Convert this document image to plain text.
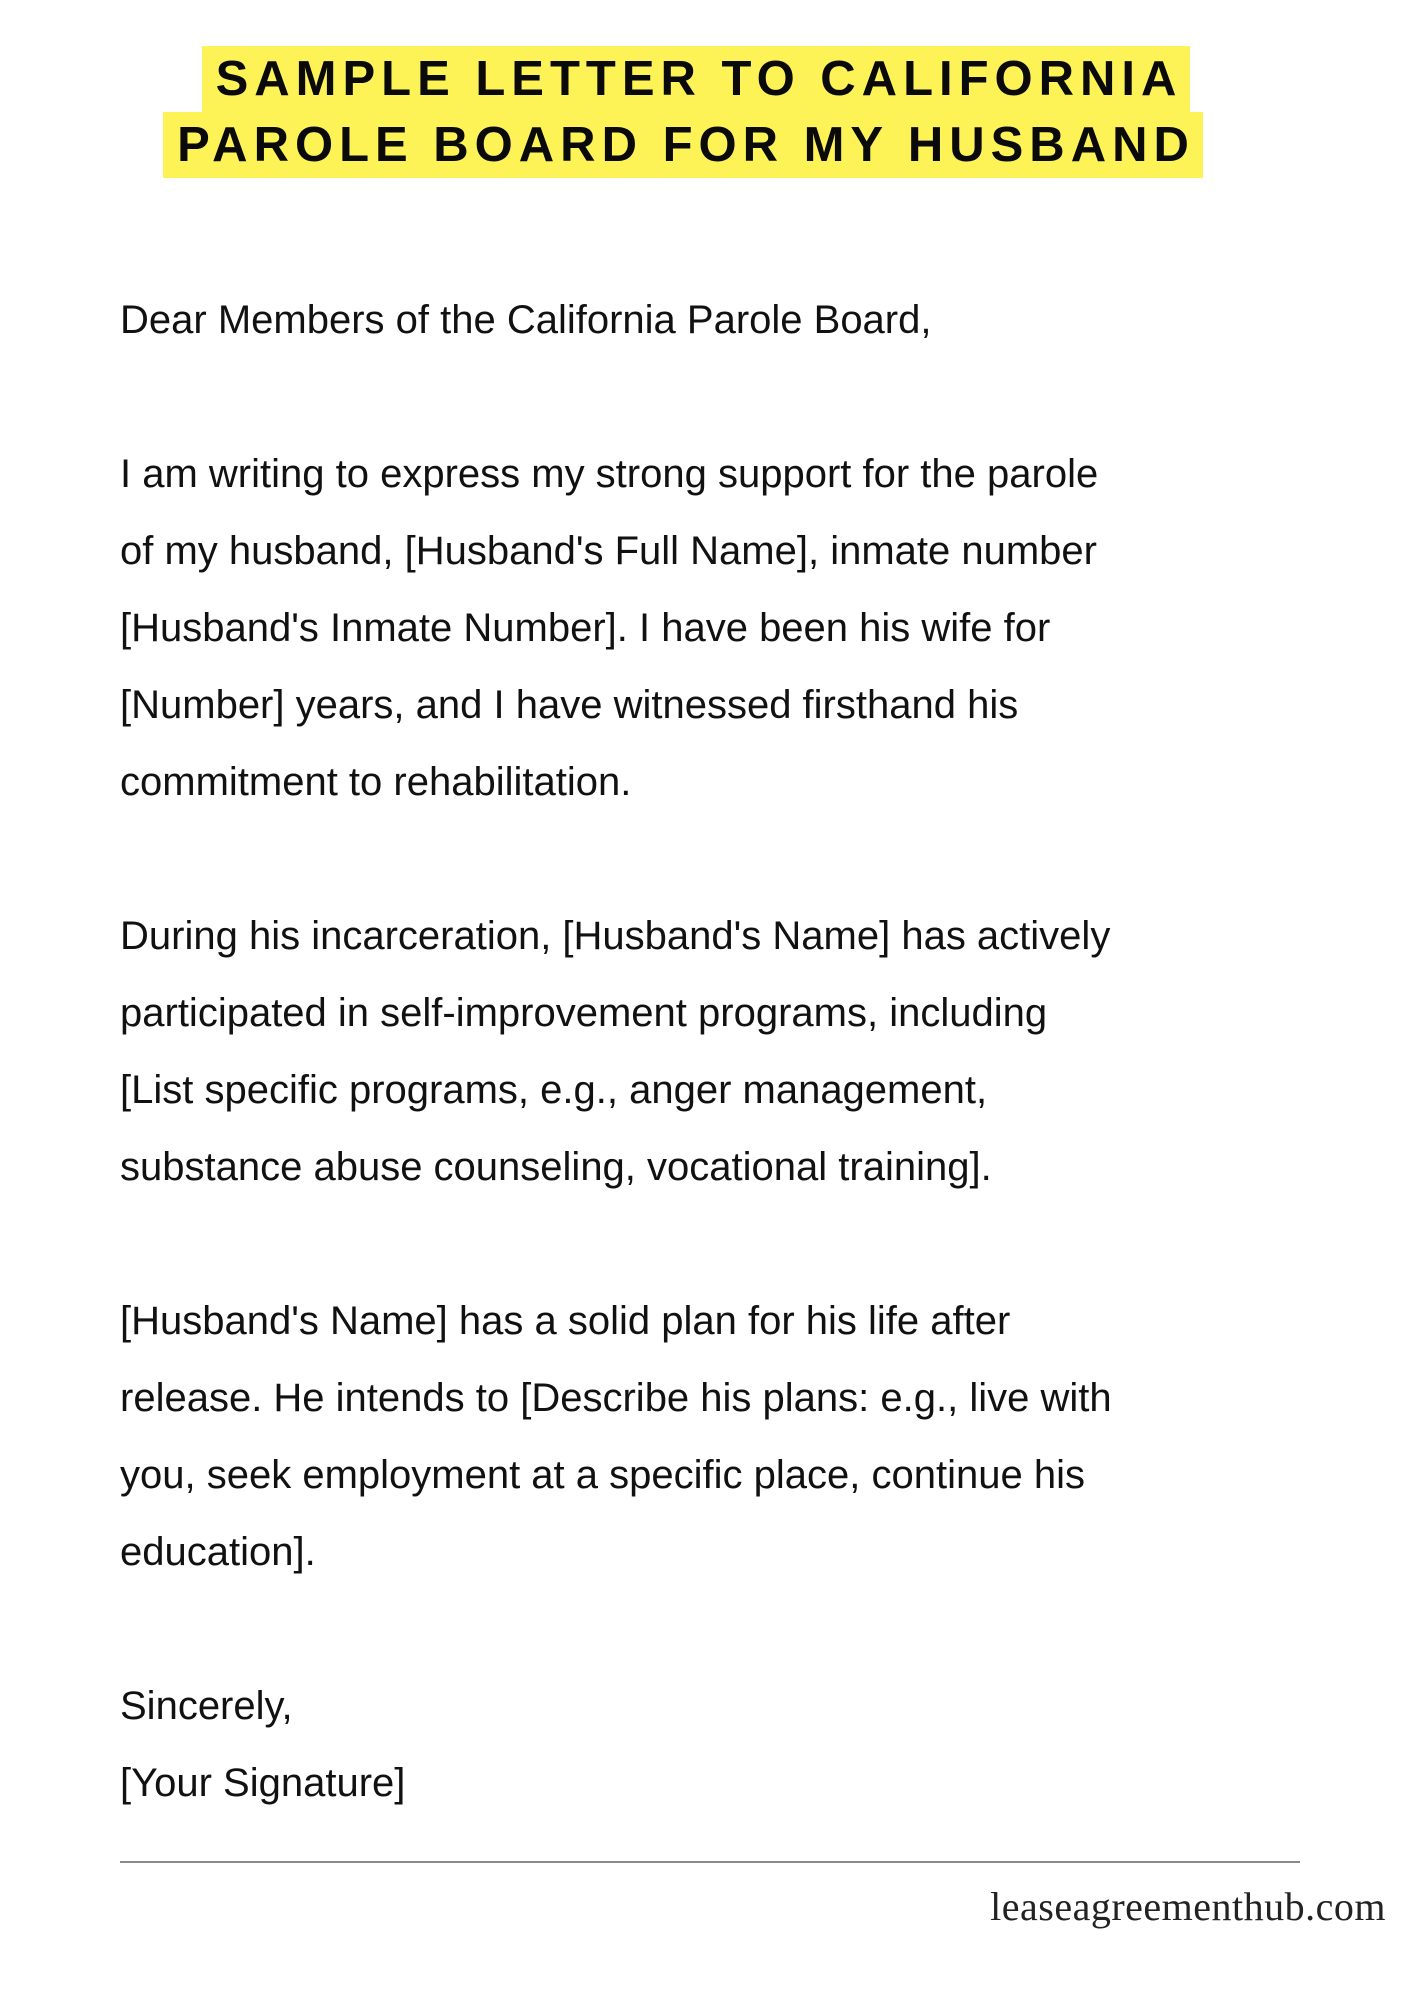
SAMPLE LETTER TO CALIFORNIA
PAROLE BOARD FOR MY HUSBAND

Dear Members of the California Parole Board,

I am writing to express my strong support for the parole
of my husband, [Husband's Full Name], inmate number
[Husband's Inmate Number]. I have been his wife for
[Number] years, and I have witnessed firsthand his
commitment to rehabilitation.

During his incarceration, [Husband's Name] has actively
participated in self-improvement programs, including
[List specific programs, e.g., anger management,
substance abuse counseling, vocational training].

[Husband's Name] has a solid plan for his life after
release. He intends to [Describe his plans: e.g., live with
you, seek employment at a specific place, continue his
education].

Sincerely,
[Your Signature]

leaseagreementhub.com
